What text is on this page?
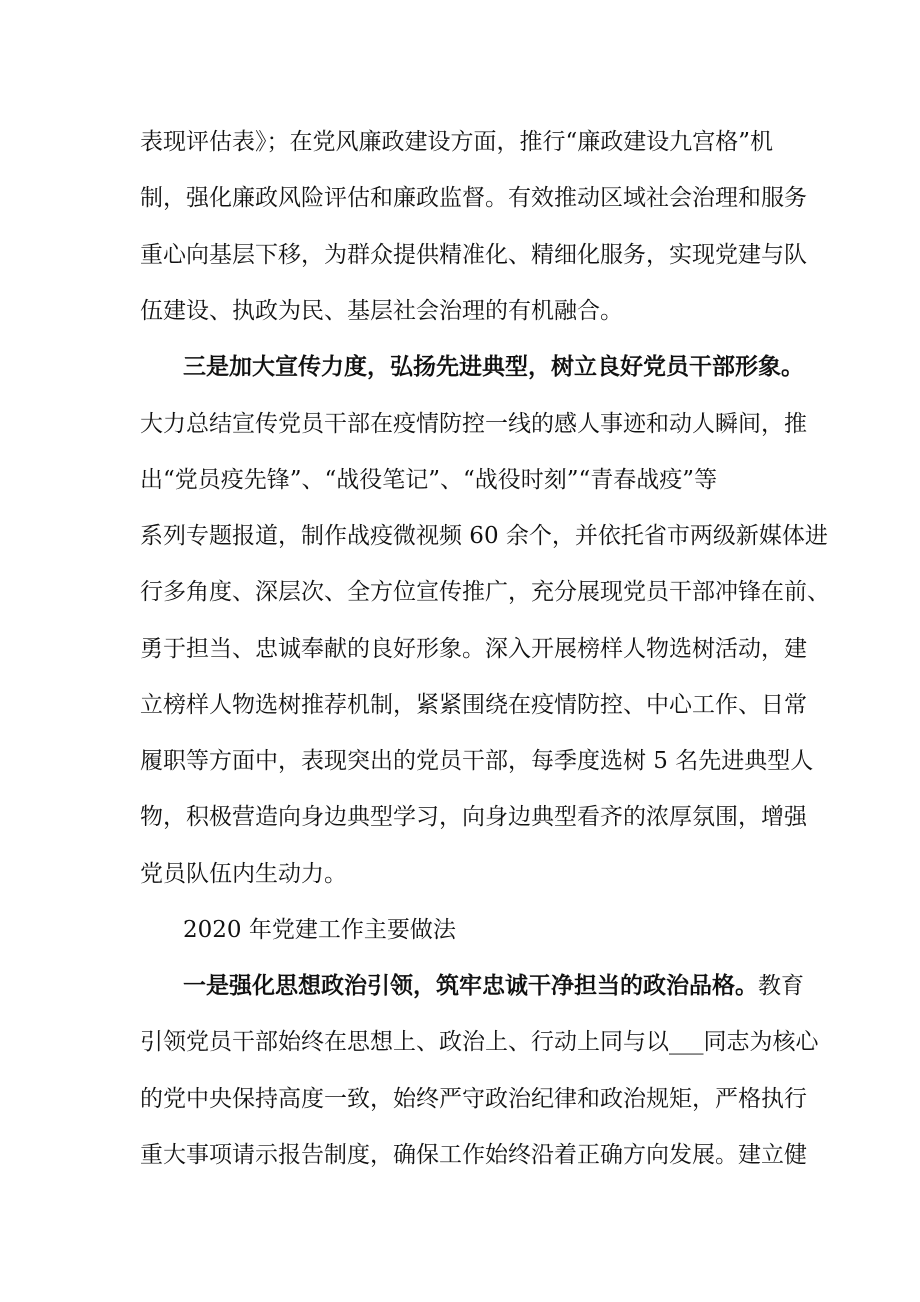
表现评估表》；在党风廉政建设方面，推行“廉政建设九宫格”机
制，强化廉政风险评估和廉政监督。有效推动区域社会治理和服务
重心向基层下移，为群众提供精准化、精细化服务，实现党建与队
伍建设、执政为民、基层社会治理的有机融合。
三是加大宣传力度，弘扬先进典型，树立良好党员干部形象。
大力总结宣传党员干部在疫情防控一线的感人事迹和动人瞬间，推
出“党员疫先锋”、“战役笔记”、“战役时刻”“青春战疫”等
系列专题报道，制作战疫微视频 60 余个，并依托省市两级新媒体进
行多角度、深层次、全方位宣传推广，充分展现党员干部冲锋在前、
勇于担当、忠诚奉献的良好形象。深入开展榜样人物选树活动，建
立榜样人物选树推荐机制，紧紧围绕在疫情防控、中心工作、日常
履职等方面中，表现突出的党员干部，每季度选树 5 名先进典型人
物，积极营造向身边典型学习，向身边典型看齐的浓厚氛围，增强
党员队伍内生动力。
2020 年党建工作主要做法
一是强化思想政治引领，筑牢忠诚干净担当的政治品格。教育
引领党员干部始终在思想上、政治上、行动上同与以___同志为核心
的党中央保持高度一致，始终严守政治纪律和政治规矩，严格执行
重大事项请示报告制度，确保工作始终沿着正确方向发展。建立健
